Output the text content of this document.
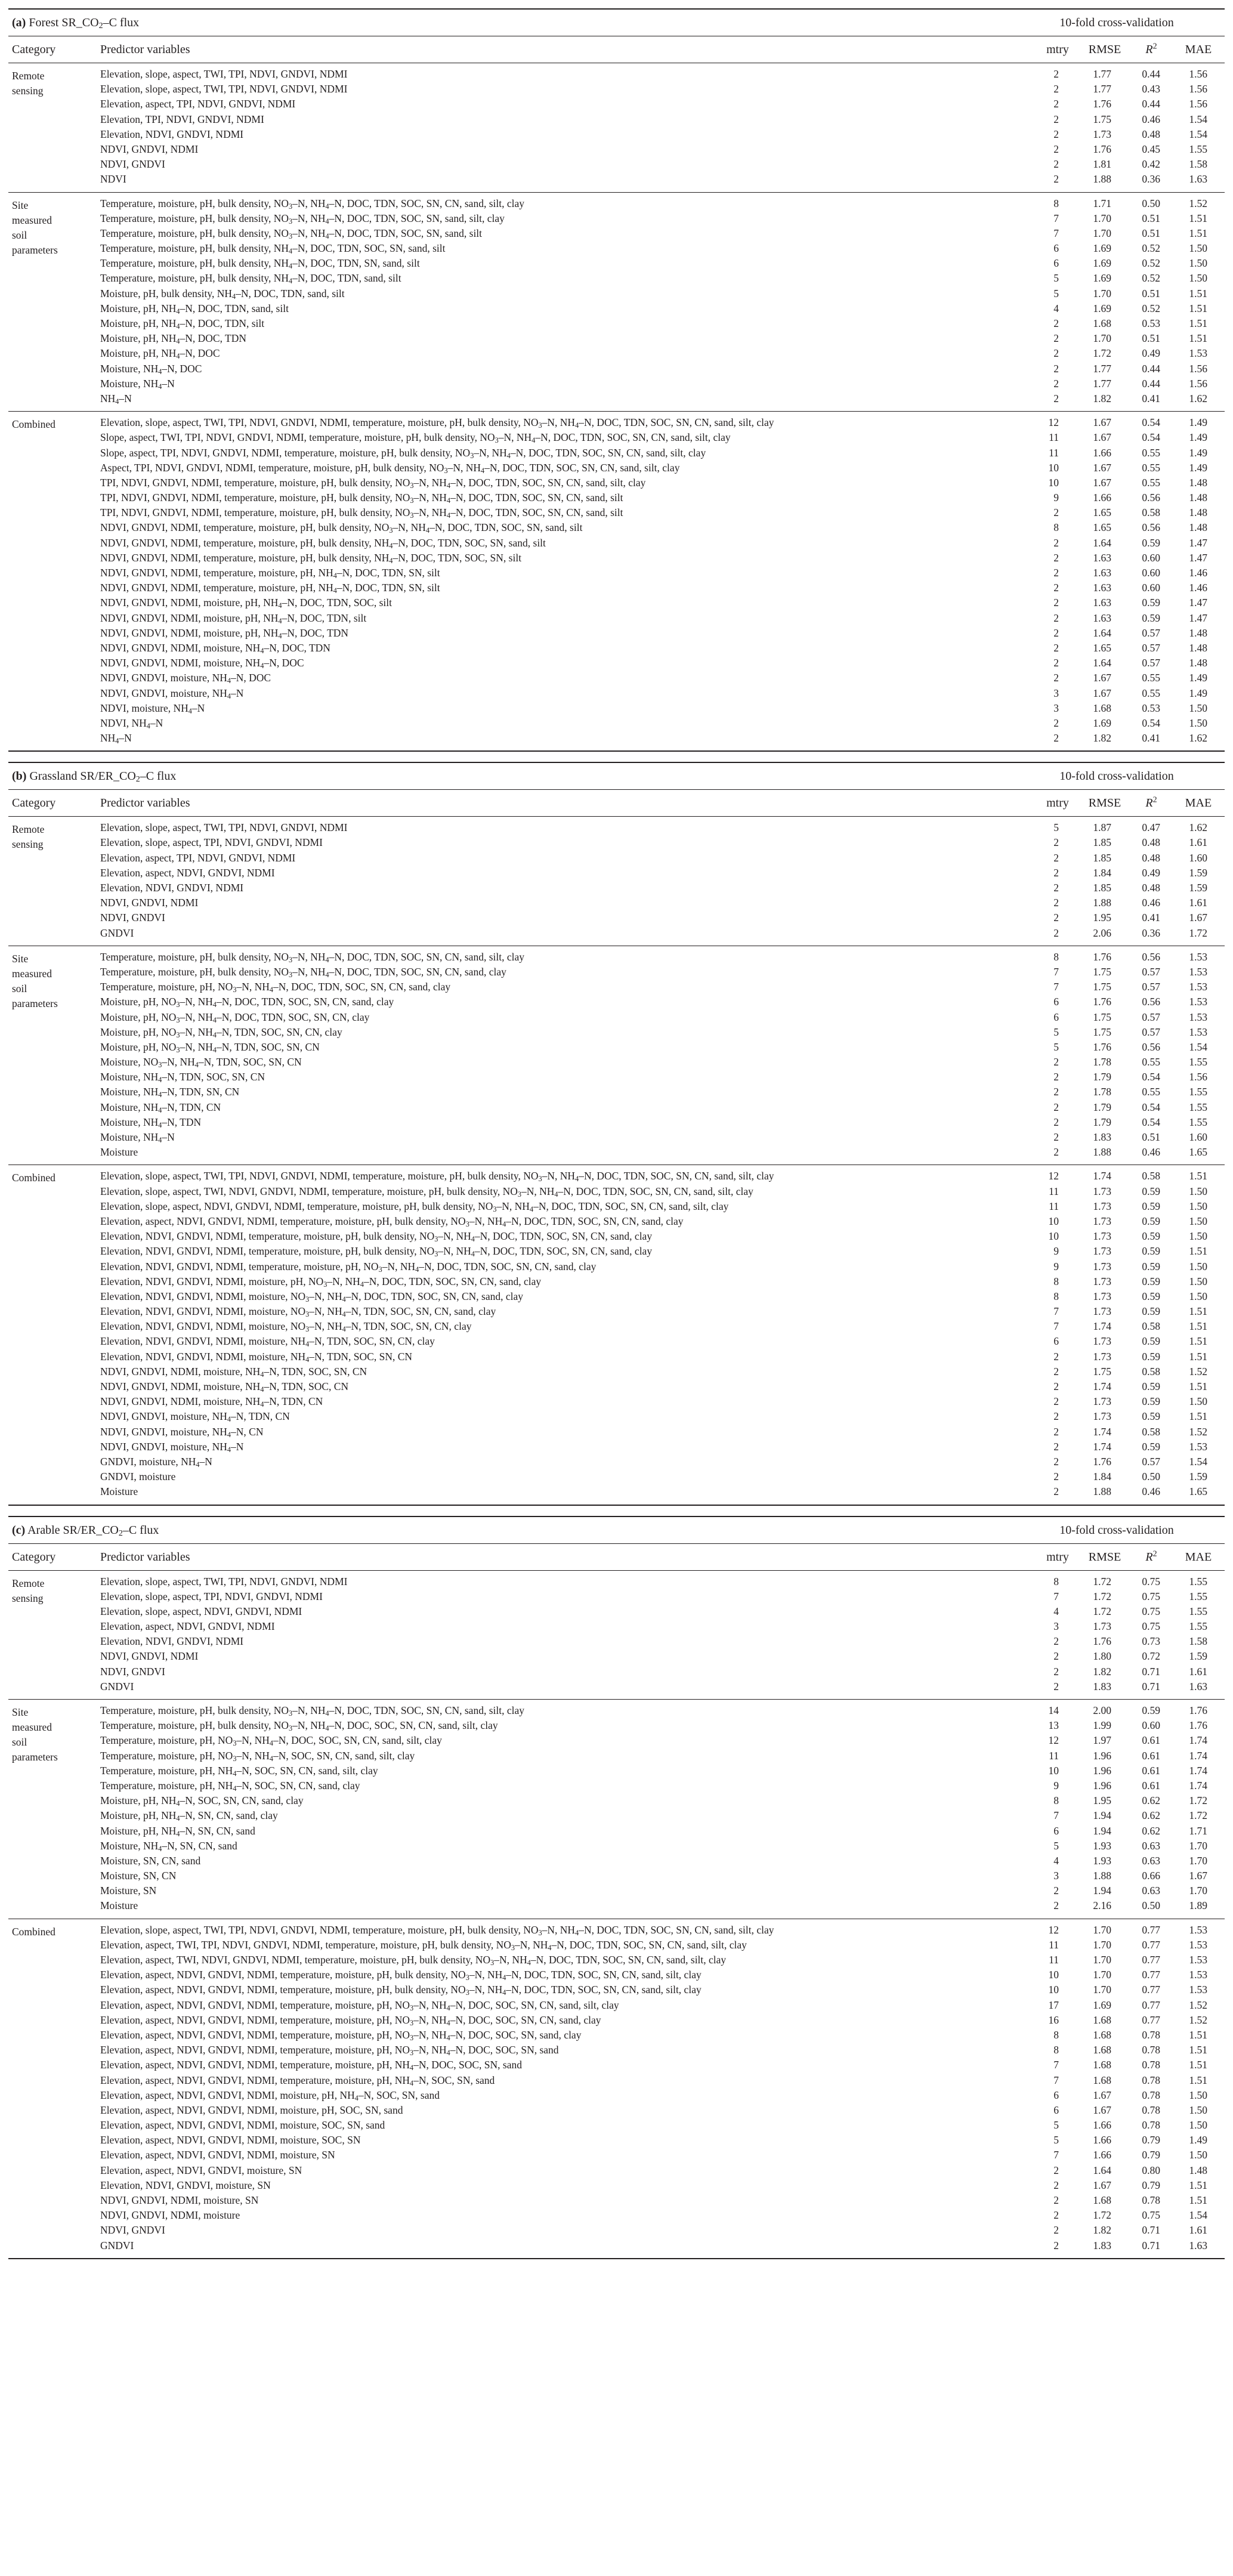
(a) Forest $SR\_CO_2-C$ flux	10-fold cross-validation
Category	Predictor variables	mtry	RMSE	$R^2$	MAE
Remote
sensing
Elevation, slope, aspect, TWI, TPI, NDVI, GNDVI, NDMI	2	1.77	0.44	1.56
Elevation, slope, aspect, TWI, TPI, NDVI, GNDVI, NDMI	2	1.77	0.43	1.56
Elevation, aspect, TPI, NDVI, GNDVI, NDMI	2	1.76	0.44	1.56
Elevation, TPI, NDVI, GNDVI, NDMI	2	1.75	0.46	1.54
Elevation, NDVI, GNDVI, NDMI	2	1.73	0.48	1.54
NDVI, GNDVI, NDMI	2	1.76	0.45	1.55
NDVI, GNDVI	2	1.81	0.42	1.58
NDVI	2	1.88	0.36	1.63
Site
measured
soil
parameters
Temperature, moisture, pH, bulk density, $NO_3-N$, $NH_4-N$, DOC, TDN, SOC, SN, CN, sand, silt, clay	8	1.71	0.50	1.52
Temperature, moisture, pH, bulk density, $NO_3-N$, $NH_4-N$, DOC, TDN, SOC, SN, sand, silt, clay	7	1.70	0.51	1.51
Temperature, moisture, pH, bulk density, $NO_3-N$, $NH_4-N$, DOC, TDN, SOC, SN, sand, silt	7	1.70	0.51	1.51
Temperature, moisture, pH, bulk density, $NH_4-N$, DOC, TDN, SOC, SN, sand, silt	6	1.69	0.52	1.50
Temperature, moisture, pH, bulk density, $NH_4-N$, DOC, TDN, SN, sand, silt	6	1.69	0.52	1.50
Temperature, moisture, pH, bulk density, $NH_4-N$, DOC, TDN, sand, silt	5	1.69	0.52	1.50
Moisture, pH, bulk density, $NH_4-N$, DOC, TDN, sand, silt	5	1.70	0.51	1.51
Moisture, pH, $NH_4-N$, DOC, TDN, sand, silt	4	1.69	0.52	1.51
Moisture, pH, $NH_4-N$, DOC, TDN, silt	2	1.68	0.53	1.51
Moisture, pH, $NH_4-N$, DOC, TDN	2	1.70	0.51	1.51
Moisture, pH, $NH_4-N$, DOC	2	1.72	0.49	1.53
Moisture, $NH_4-N$, DOC	2	1.77	0.44	1.56
Moisture, $NH_4-N$	2	1.77	0.44	1.56
$NH_4-N$	2	1.82	0.41	1.62
Combined	Elevation, slope, aspect, TWI, TPI, NDVI, GNDVI, NDMI, temperature, moisture, pH, bulk density, $NO_3-N$, $NH_4-N$, DOC, TDN, SOC, SN, CN, sand, silt, clay	12	1.67	0.54	1.49
Slope, aspect, TWI, TPI, NDVI, GNDVI, NDMI, temperature, moisture, pH, bulk density, $NO_3-N$, $NH_4-N$, DOC, TDN, SOC, SN, CN, sand, silt, clay	11	1.67	0.54	1.49
Slope, aspect, TPI, NDVI, GNDVI, NDMI, temperature, moisture, pH, bulk density, $NO_3-N$, $NH_4-N$, DOC, TDN, SOC, SN, CN, sand, silt, clay	11	1.66	0.55	1.49
Aspect, TPI, NDVI, GNDVI, NDMI, temperature, moisture, pH, bulk density, $NO_3-N$, $NH_4-N$, DOC, TDN, SOC, SN, CN, sand, silt, clay	10	1.67	0.55	1.49
TPI, NDVI, GNDVI, NDMI, temperature, moisture, pH, bulk density, $NO_3-N$, $NH_4-N$, DOC, TDN, SOC, SN, CN, sand, silt, clay	10	1.67	0.55	1.48
TPI, NDVI, GNDVI, NDMI, temperature, moisture, pH, bulk density, $NO_3-N$, $NH_4-N$, DOC, TDN, SOC, SN, CN, sand, silt	9	1.66	0.56	1.48
TPI, NDVI, GNDVI, NDMI, temperature, moisture, pH, bulk density, $NO_3-N$, $NH_4-N$, DOC, TDN, SOC, SN, CN, sand, silt	2	1.65	0.58	1.48
NDVI, GNDVI, NDMI, temperature, moisture, pH, bulk density, $NO_3-N$, $NH_4-N$, DOC, TDN, SOC, SN, sand, silt	8	1.65	0.56	1.48
NDVI, GNDVI, NDMI, temperature, moisture, pH, bulk density, $NH_4-N$, DOC, TDN, SOC, SN, sand, silt	2	1.64	0.59	1.47
NDVI, GNDVI, NDMI, temperature, moisture, pH, bulk density, $NH_4-N$, DOC, TDN, SOC, SN, silt	2	1.63	0.60	1.47
NDVI, GNDVI, NDMI, temperature, moisture, pH, $NH_4-N$, DOC, TDN, SN, silt	2	1.63	0.60	1.46
NDVI, GNDVI, NDMI, temperature, moisture, pH, $NH_4-N$, DOC, TDN, SN, silt	2	1.63	0.60	1.46
NDVI, GNDVI, NDMI, moisture, pH, $NH_4-N$, DOC, TDN, SOC, silt	2	1.63	0.59	1.47
NDVI, GNDVI, NDMI, moisture, pH, $NH_4-N$, DOC, TDN, silt	2	1.63	0.59	1.47
NDVI, GNDVI, NDMI, moisture, pH, $NH_4-N$, DOC, TDN	2	1.64	0.57	1.48
NDVI, GNDVI, NDMI, moisture, $NH_4-N$, DOC, TDN	2	1.65	0.57	1.48
NDVI, GNDVI, NDMI, moisture, $NH_4-N$, DOC	2	1.64	0.57	1.48
NDVI, GNDVI, moisture, $NH_4-N$, DOC	2	1.67	0.55	1.49
NDVI, GNDVI, moisture, $NH_4-N$	3	1.67	0.55	1.49
NDVI, moisture, $NH_4-N$	3	1.68	0.53	1.50
NDVI, $NH_4-N$	2	1.69	0.54	1.50
$NH_4-N$	2	1.82	0.41	1.62
(b) Grassland $SR/ER\_CO_2-C$ flux	10-fold cross-validation
Category	Predictor variables	mtry	RMSE	$R^2$	MAE
Remote
sensing
Elevation, slope, aspect, TWI, TPI, NDVI, GNDVI, NDMI	5	1.87	0.47	1.62
Elevation, slope, aspect, TPI, NDVI, GNDVI, NDMI	2	1.85	0.48	1.61
Elevation, aspect, TPI, NDVI, GNDVI, NDMI	2	1.85	0.48	1.60
Elevation, aspect, NDVI, GNDVI, NDMI	2	1.84	0.49	1.59
Elevation, NDVI, GNDVI, NDMI	2	1.85	0.48	1.59
NDVI, GNDVI, NDMI	2	1.88	0.46	1.61
NDVI, GNDVI	2	1.95	0.41	1.67
GNDVI	2	2.06	0.36	1.72
Site
measured
soil
parameters
Temperature, moisture, pH, bulk density, $NO_3-N$, $NH_4-N$, DOC, TDN, SOC, SN, CN, sand, silt, clay	8	1.76	0.56	1.53
Temperature, moisture, pH, bulk density, $NO_3-N$, $NH_4-N$, DOC, TDN, SOC, SN, CN, sand, clay	7	1.75	0.57	1.53
Temperature, moisture, pH, $NO_3-N$, $NH_4-N$, DOC, TDN, SOC, SN, CN, sand, clay	7	1.75	0.57	1.53
Moisture, pH, $NO_3-N$, $NH_4-N$, DOC, TDN, SOC, SN, CN, sand, clay	6	1.76	0.56	1.53
Moisture, pH, $NO_3-N$, $NH_4-N$, DOC, TDN, SOC, SN, CN, clay	6	1.75	0.57	1.53
Moisture, pH, $NO_3-N$, $NH_4-N$, TDN, SOC, SN, CN, clay	5	1.75	0.57	1.53
Moisture, pH, $NO_3-N$, $NH_4-N$, TDN, SOC, SN, CN	5	1.76	0.56	1.54
Moisture, $NO_3-N$, $NH_4-N$, TDN, SOC, SN, CN	2	1.78	0.55	1.55
Moisture, $NH_4-N$, TDN, SOC, SN, CN	2	1.79	0.54	1.56
Moisture, $NH_4-N$, TDN, SN, CN	2	1.78	0.55	1.55
Moisture, $NH_4-N$, TDN, CN	2	1.79	0.54	1.55
Moisture, $NH_4-N$, TDN	2	1.79	0.54	1.55
Moisture, $NH_4-N$	2	1.83	0.51	1.60
Moisture	2	1.88	0.46	1.65
Combined	Elevation, slope, aspect, TWI, TPI, NDVI, GNDVI, NDMI, temperature, moisture, pH, bulk density, $NO_3-N$, $NH_4-N$, DOC, TDN, SOC, SN, CN, sand, silt, clay	12	1.74	0.58	1.51
Elevation, slope, aspect, TWI, NDVI, GNDVI, NDMI, temperature, moisture, pH, bulk density, $NO_3-N$, $NH_4-N$, DOC, TDN, SOC, SN, CN, sand, silt, clay	11	1.73	0.59	1.50
Elevation, slope, aspect, NDVI, GNDVI, NDMI, temperature, moisture, pH, bulk density, $NO_3-N$, $NH_4-N$, DOC, TDN, SOC, SN, CN, sand, silt, clay	11	1.73	0.59	1.50
Elevation, aspect, NDVI, GNDVI, NDMI, temperature, moisture, pH, bulk density, $NO_3-N$, $NH_4-N$, DOC, TDN, SOC, SN, CN, sand, clay	10	1.73	0.59	1.50
Elevation, NDVI, GNDVI, NDMI, temperature, moisture, pH, bulk density, $NO_3-N$, $NH_4-N$, DOC, TDN, SOC, SN, CN, sand, clay	10	1.73	0.59	1.50
Elevation, NDVI, GNDVI, NDMI, temperature, moisture, pH, bulk density, $NO_3-N$, $NH_4-N$, DOC, TDN, SOC, SN, CN, sand, clay	9	1.73	0.59	1.51
Elevation, NDVI, GNDVI, NDMI, temperature, moisture, pH, $NO_3-N$, $NH_4-N$, DOC, TDN, SOC, SN, CN, sand, clay	9	1.73	0.59	1.50
Elevation, NDVI, GNDVI, NDMI, moisture, pH, $NO_3-N$, $NH_4-N$, DOC, TDN, SOC, SN, CN, sand, clay	8	1.73	0.59	1.50
Elevation, NDVI, GNDVI, NDMI, moisture, $NO_3-N$, $NH_4-N$, DOC, TDN, SOC, SN, CN, sand, clay	8	1.73	0.59	1.50
Elevation, NDVI, GNDVI, NDMI, moisture, $NO_3-N$, $NH_4-N$, TDN, SOC, SN, CN, sand, clay	7	1.73	0.59	1.51
Elevation, NDVI, GNDVI, NDMI, moisture, $NO_3-N$, $NH_4-N$, TDN, SOC, SN, CN, clay	7	1.74	0.58	1.51
Elevation, NDVI, GNDVI, NDMI, moisture, $NH_4-N$, TDN, SOC, SN, CN, clay	6	1.73	0.59	1.51
Elevation, NDVI, GNDVI, NDMI, moisture, $NH_4-N$, TDN, SOC, SN, CN	2	1.73	0.59	1.51
NDVI, GNDVI, NDMI, moisture, $NH_4-N$, TDN, SOC, SN, CN	2	1.75	0.58	1.52
NDVI, GNDVI, NDMI, moisture, $NH_4-N$, TDN, SOC, CN	2	1.74	0.59	1.51
NDVI, GNDVI, NDMI, moisture, $NH_4-N$, TDN, CN	2	1.73	0.59	1.50
NDVI, GNDVI, moisture, $NH_4-N$, TDN, CN	2	1.73	0.59	1.51
NDVI, GNDVI, moisture, $NH_4-N$, CN	2	1.74	0.58	1.52
NDVI, GNDVI, moisture, $NH_4-N$	2	1.74	0.59	1.53
GNDVI, moisture, $NH_4-N$	2	1.76	0.57	1.54
GNDVI, moisture	2	1.84	0.50	1.59
Moisture	2	1.88	0.46	1.65
(c) Arable $SR/ER\_CO_2-C$ flux	10-fold cross-validation
Category	Predictor variables	mtry	RMSE	$R^2$	MAE
Remote
sensing
Elevation, slope, aspect, TWI, TPI, NDVI, GNDVI, NDMI	8	1.72	0.75	1.55
Elevation, slope, aspect, TPI, NDVI, GNDVI, NDMI	7	1.72	0.75	1.55
Elevation, slope, aspect, NDVI, GNDVI, NDMI	4	1.72	0.75	1.55
Elevation, aspect, NDVI, GNDVI, NDMI	3	1.73	0.75	1.55
Elevation, NDVI, GNDVI, NDMI	2	1.76	0.73	1.58
NDVI, GNDVI, NDMI	2	1.80	0.72	1.59
NDVI, GNDVI	2	1.82	0.71	1.61
GNDVI	2	1.83	0.71	1.63
Site
measured
soil
parameters
Temperature, moisture, pH, bulk density, $NO_3-N$, $NH_4-N$, DOC, TDN, SOC, SN, CN, sand, silt, clay	14	2.00	0.59	1.76
Temperature, moisture, pH, bulk density, $NO_3-N$, $NH_4-N$, DOC, SOC, SN, CN, sand, silt, clay	13	1.99	0.60	1.76
Temperature, moisture, pH, $NO_3-N$, $NH_4-N$, DOC, SOC, SN, CN, sand, silt, clay	12	1.97	0.61	1.74
Temperature, moisture, pH, $NO_3-N$, $NH_4-N$, SOC, SN, CN, sand, silt, clay	11	1.96	0.61	1.74
Temperature, moisture, pH, $NH_4-N$, SOC, SN, CN, sand, silt, clay	10	1.96	0.61	1.74
Temperature, moisture, pH, $NH_4-N$, SOC, SN, CN, sand, clay	9	1.96	0.61	1.74
Moisture, pH, $NH_4-N$, SOC, SN, CN, sand, clay	8	1.95	0.62	1.72
Moisture, pH, $NH_4-N$, SN, CN, sand, clay	7	1.94	0.62	1.72
Moisture, pH, $NH_4-N$, SN, CN, sand	6	1.94	0.62	1.71
Moisture, $NH_4-N$, SN, CN, sand	5	1.93	0.63	1.70
Moisture, SN, CN, sand	4	1.93	0.63	1.70
Moisture, SN, CN	3	1.88	0.66	1.67
Moisture, SN	2	1.94	0.63	1.70
Moisture	2	2.16	0.50	1.89
Combined	Elevation, slope, aspect, TWI, TPI, NDVI, GNDVI, NDMI, temperature, moisture, pH, bulk density, $NO_3-N$, $NH_4-N$, DOC, TDN, SOC, SN, CN, sand, silt, clay	12	1.70	0.77	1.53
Elevation, aspect, TWI, TPI, NDVI, GNDVI, NDMI, temperature, moisture, pH, bulk density, $NO_3-N$, $NH_4-N$, DOC, TDN, SOC, SN, CN, sand, silt, clay	11	1.70	0.77	1.53
Elevation, aspect, TWI, NDVI, GNDVI, NDMI, temperature, moisture, pH, bulk density, $NO_3-N$, $NH_4-N$, DOC, TDN, SOC, SN, CN, sand, silt, clay	11	1.70	0.77	1.53
Elevation, aspect, NDVI, GNDVI, NDMI, temperature, moisture, pH, bulk density, $NO_3-N$, $NH_4-N$, DOC, TDN, SOC, SN, CN, sand, silt, clay	10	1.70	0.77	1.53
Elevation, aspect, NDVI, GNDVI, NDMI, temperature, moisture, pH, bulk density, $NO_3-N$, $NH_4-N$, DOC, TDN, SOC, SN, CN, sand, silt, clay	10	1.70	0.77	1.53
Elevation, aspect, NDVI, GNDVI, NDMI, temperature, moisture, pH, $NO_3-N$, $NH_4-N$, DOC, SOC, SN, CN, sand, silt, clay	17	1.69	0.77	1.52
Elevation, aspect, NDVI, GNDVI, NDMI, temperature, moisture, pH, $NO_3-N$, $NH_4-N$, DOC, SOC, SN, CN, sand, clay	16	1.68	0.77	1.52
Elevation, aspect, NDVI, GNDVI, NDMI, temperature, moisture, pH, $NO_3-N$, $NH_4-N$, DOC, SOC, SN, sand, clay	8	1.68	0.78	1.51
Elevation, aspect, NDVI, GNDVI, NDMI, temperature, moisture, pH, $NO_3-N$, $NH_4-N$, DOC, SOC, SN, sand	8	1.68	0.78	1.51
Elevation, aspect, NDVI, GNDVI, NDMI, temperature, moisture, pH, $NH_4-N$, DOC, SOC, SN, sand	7	1.68	0.78	1.51
Elevation, aspect, NDVI, GNDVI, NDMI, temperature, moisture, pH, $NH_4-N$, SOC, SN, sand	7	1.68	0.78	1.51
Elevation, aspect, NDVI, GNDVI, NDMI, moisture, pH, $NH_4-N$, SOC, SN, sand	6	1.67	0.78	1.50
Elevation, aspect, NDVI, GNDVI, NDMI, moisture, pH, SOC, SN, sand	6	1.67	0.78	1.50
Elevation, aspect, NDVI, GNDVI, NDMI, moisture, SOC, SN, sand	5	1.66	0.78	1.50
Elevation, aspect, NDVI, GNDVI, NDMI, moisture, SOC, SN	5	1.66	0.79	1.49
Elevation, aspect, NDVI, GNDVI, NDMI, moisture, SN	7	1.66	0.79	1.50
Elevation, aspect, NDVI, GNDVI, moisture, SN	2	1.64	0.80	1.48
Elevation, NDVI, GNDVI, moisture, SN	2	1.67	0.79	1.51
NDVI, GNDVI, NDMI, moisture, SN	2	1.68	0.78	1.51
NDVI, GNDVI, NDMI, moisture	2	1.72	0.75	1.54
NDVI, GNDVI	2	1.82	0.71	1.61
GNDVI	2	1.83	0.71	1.63
